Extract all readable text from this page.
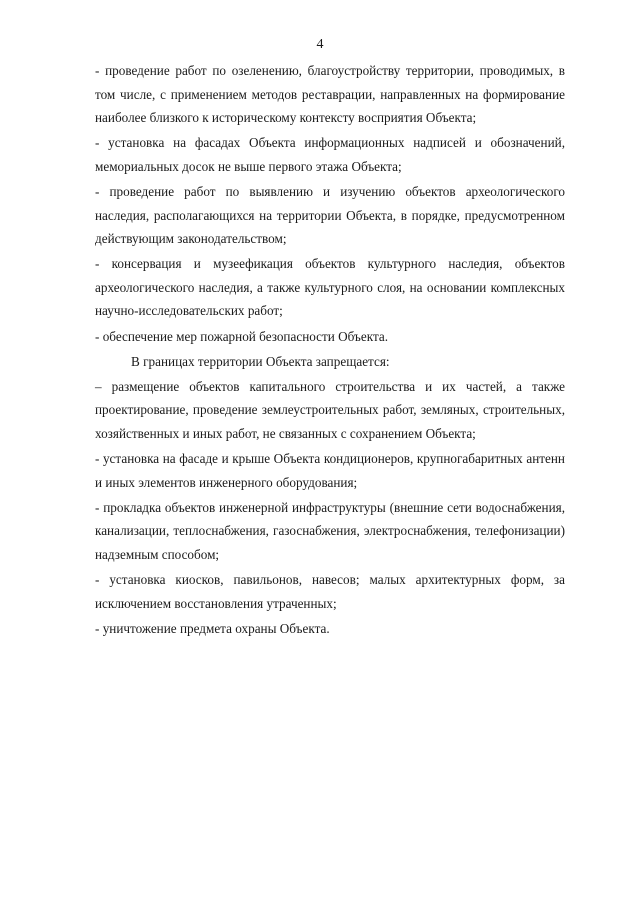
4

- проведение работ по озеленению, благоустройству территории, проводимых, в том числе, с применением методов реставрации, направленных на формирование наиболее близкого к историческому контексту восприятия Объекта;

- установка на фасадах Объекта информационных надписей и обозначений, мемориальных досок не выше первого этажа Объекта;

- проведение работ по выявлению и изучению объектов археологического наследия, располагающихся на территории Объекта, в порядке, предусмотренном действующим законодательством;

- консервация и музеефикация объектов культурного наследия, объектов археологического наследия, а также культурного слоя, на основании комплексных научно-исследовательских работ;

- обеспечение мер пожарной безопасности Объекта.

В границах территории Объекта запрещается:

– размещение объектов капитального строительства и их частей, а также проектирование, проведение землеустроительных работ, земляных, строительных, хозяйственных и иных работ, не связанных с сохранением Объекта;

- установка на фасаде и крыше Объекта кондиционеров, крупногабаритных антенн и иных элементов инженерного оборудования;

- прокладка объектов инженерной инфраструктуры (внешние сети водоснабжения, канализации, теплоснабжения, газоснабжения, электроснабжения, телефонизации) надземным способом;

- установка киосков, павильонов, навесов; малых архитектурных форм, за исключением восстановления утраченных;

- уничтожение предмета охраны Объекта.
